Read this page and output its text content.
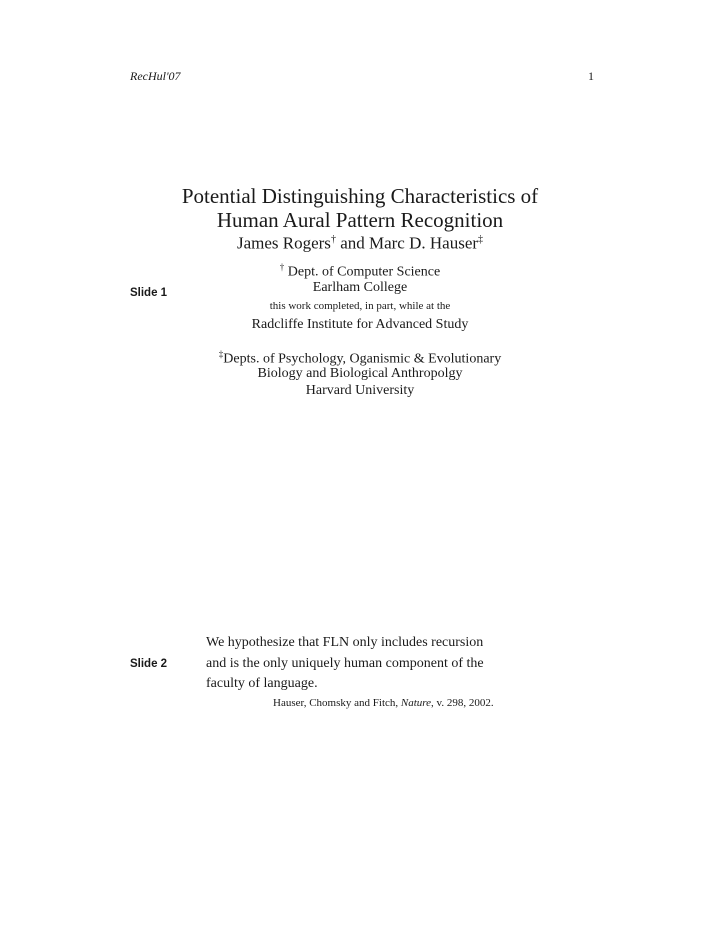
RecHul'07	1
Potential Distinguishing Characteristics of
Human Aural Pattern Recognition
James Rogers† and Marc D. Hauser‡
† Dept. of Computer Science
Earlham College
this work completed, in part, while at the
Radcliffe Institute for Advanced Study
‡Depts. of Psychology, Oganismic & Evolutionary
Biology and Biological Anthropolgy
Harvard University
Slide 1
Slide 2
We hypothesize that FLN only includes recursion
and is the only uniquely human component of the
faculty of language.
Hauser, Chomsky and Fitch, Nature, v. 298, 2002.
